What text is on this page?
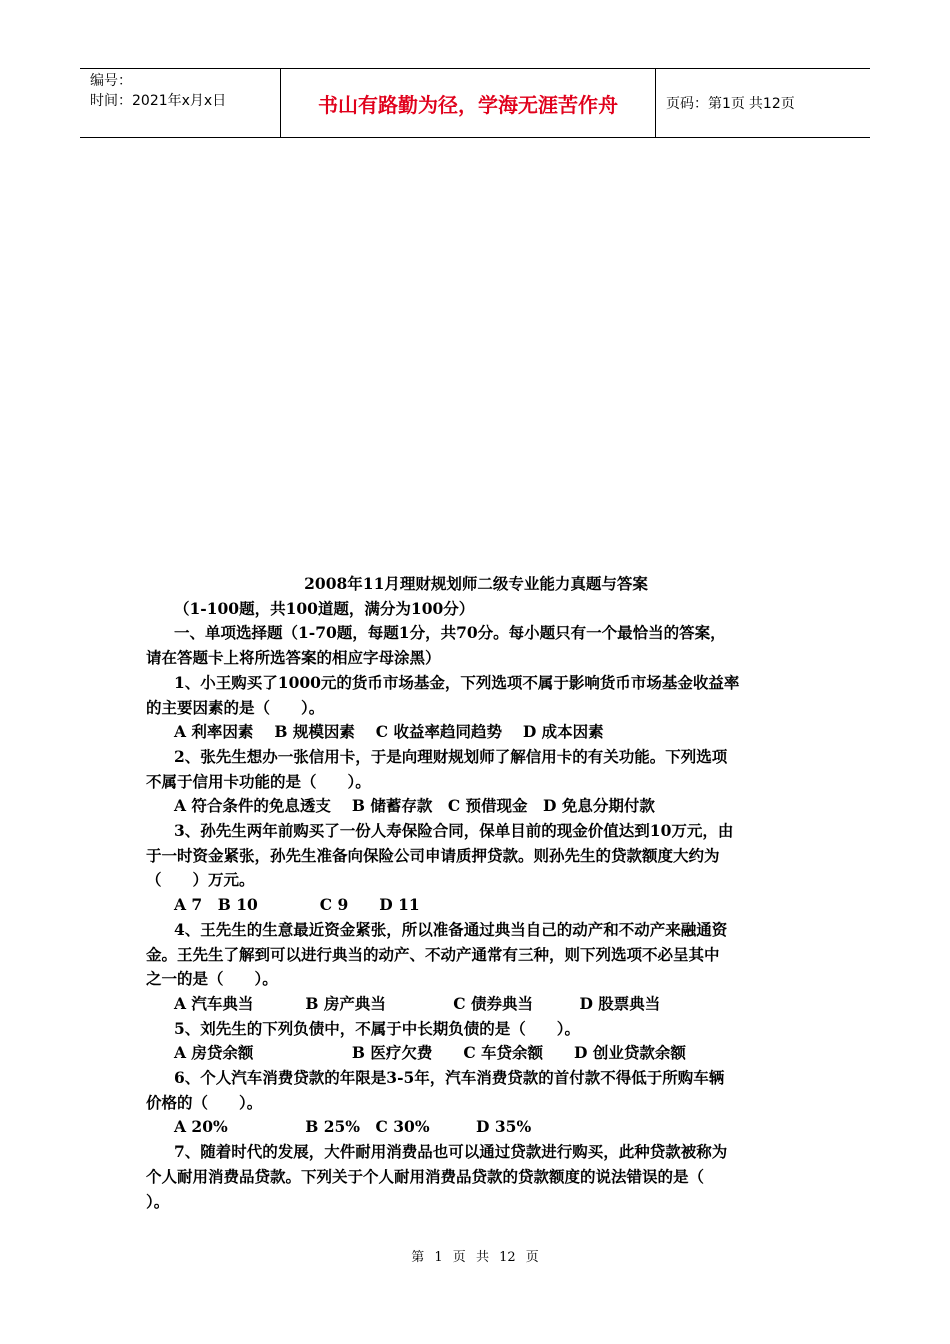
编号：
时间：2021年x月x日	书山有路勤为径，学海无涯苦作舟	页码：第1页 共12页

2008年11月理财规划师二级专业能力真题与答案

（1-100题，共100道题，满分为100分）

一、单项选择题（1-70题，每题1分，共70分。每小题只有一个最恰当的答案，

请在答题卡上将所选答案的相应字母涂黑）

1、小王购买了1000元的货币市场基金，下列选项不属于影响货币市场基金收益率

的主要因素的是（　　）。

A 利率因素　 B 规模因素　 C 收益率趋同趋势　 D 成本因素

2、张先生想办一张信用卡，于是向理财规划师了解信用卡的有关功能。下列选项

不属于信用卡功能的是（　　）。

A 符合条件的免息透支　 B 储蓄存款　C 预借现金　D 免息分期付款

3、孙先生两年前购买了一份人寿保险合同，保单目前的现金价值达到10万元，由

于一时资金紧张，孙先生准备向保险公司申请质押贷款。则孙先生的贷款额度大约为

（　　）万元。

A 7　B 10　　　　C 9　　D 11

4、王先生的生意最近资金紧张，所以准备通过典当自己的动产和不动产来融通资

金。王先生了解到可以进行典当的动产、不动产通常有三种，则下列选项不必呈其中

之一的是（　　）。

A 汽车典当　　　 B 房产典当　　　　 C 债券典当　　　D 股票典当

5、刘先生的下列负债中，不属于中长期负债的是（　　）。

A 房贷余额　　　　　　 B 医疗欠费　　C 车贷余额　　D 创业贷款余额

6、个人汽车消费贷款的年限是3-5年，汽车消费贷款的首付款不得低于所购车辆

价格的（　　）。

A 20%　　　　　B 25%　C 30%　　　D 35%

7、随着时代的发展，大件耐用消费品也可以通过贷款进行购买，此种贷款被称为

个人耐用消费品贷款。下列关于个人耐用消费品贷款的贷款额度的说法错误的是（

）。

第 1 页 共 12 页
